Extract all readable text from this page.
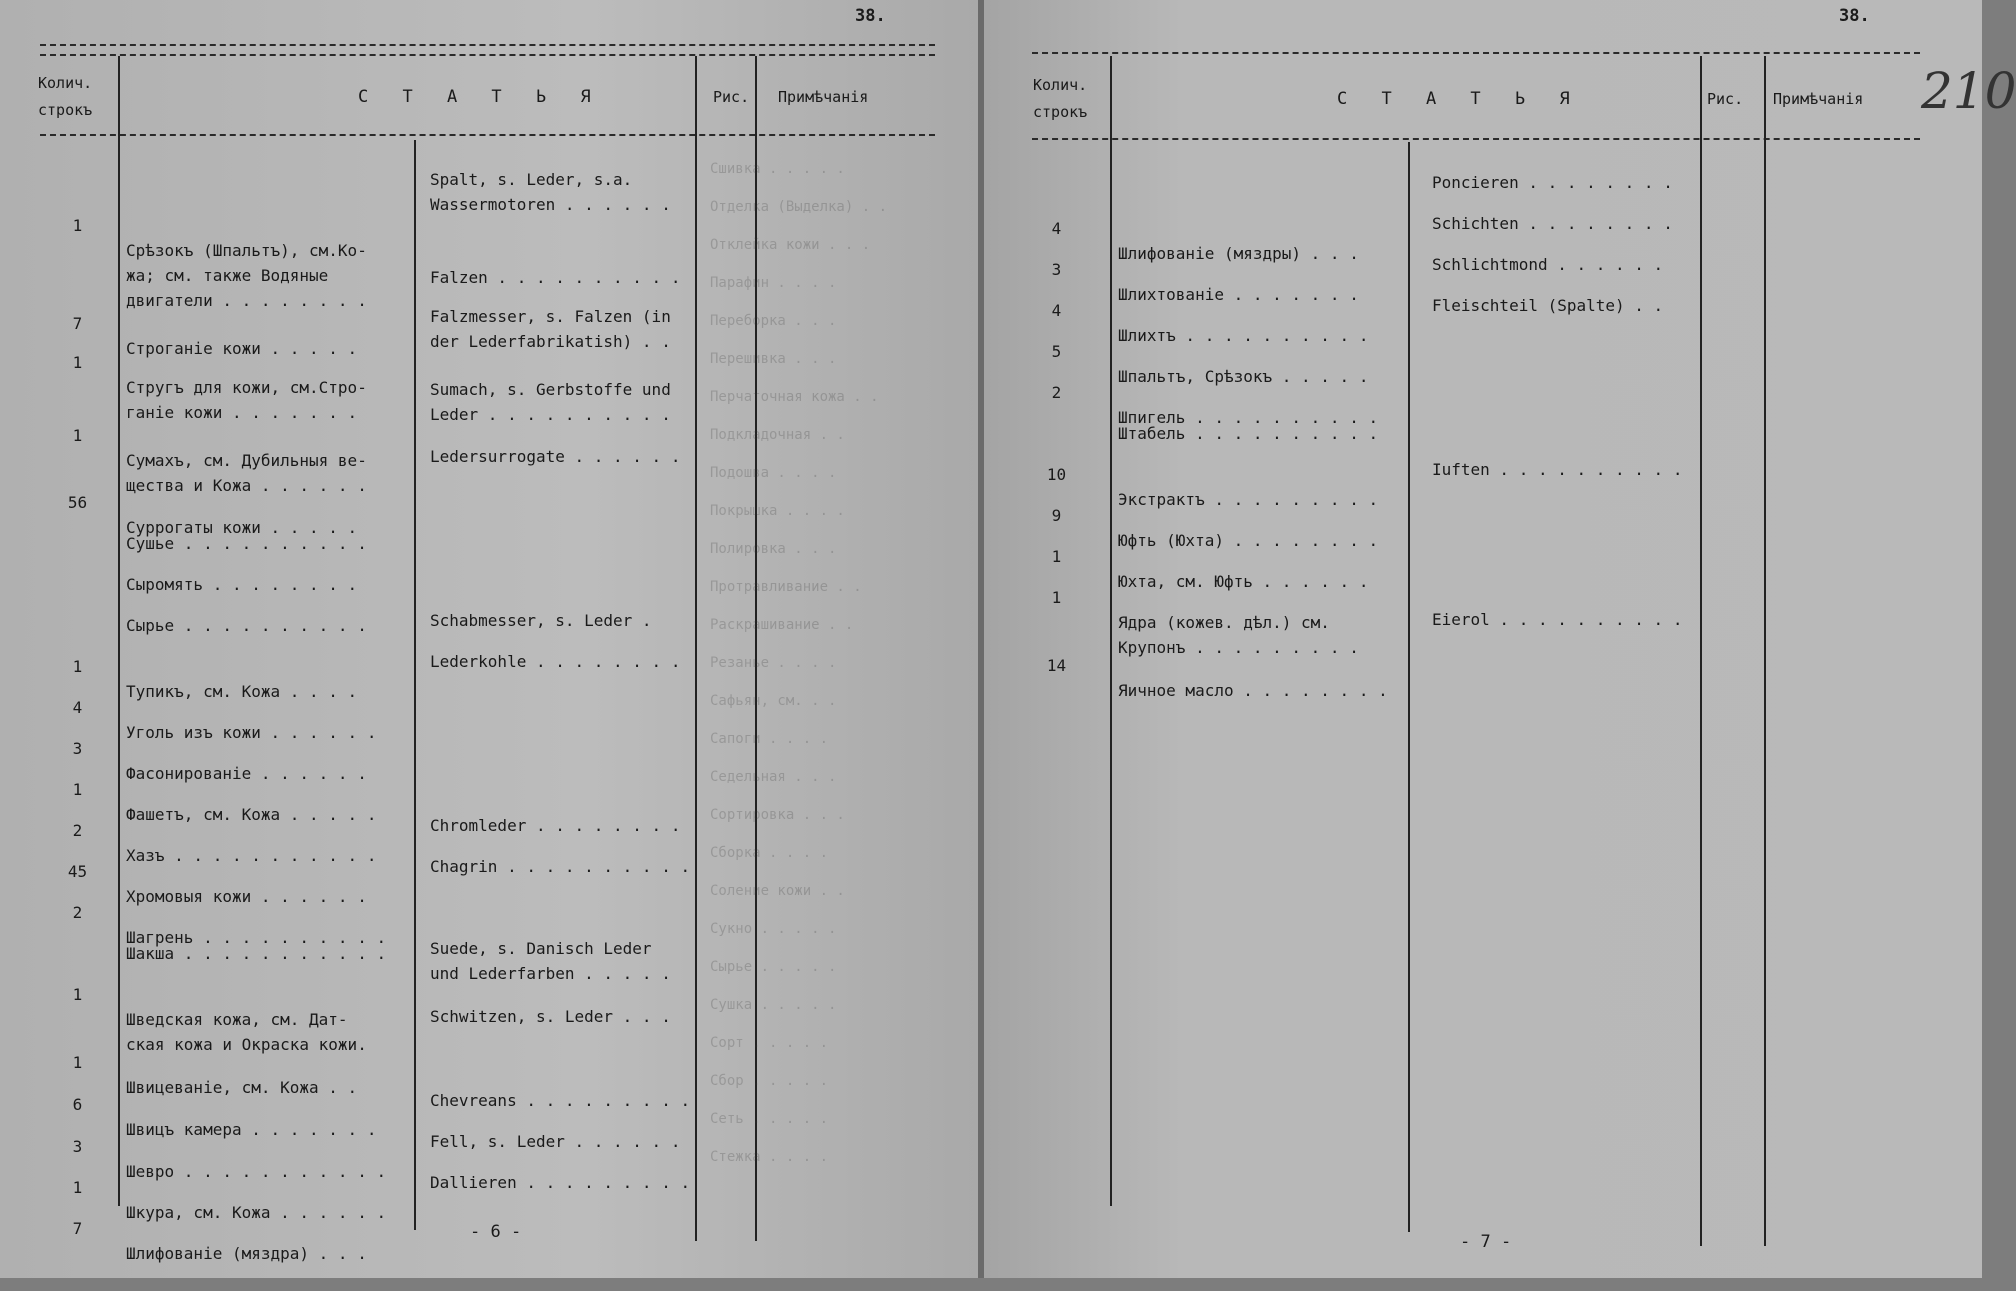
38.
Колич.
строкъ
С Т А Т Ь Я	Рис. Примѣчанія
Сшивка . . . . .
Отделка (Выделка) . .
Отклейка кожи . . .
Парафин . . . .
Переборка . . .
Перешивка . . .
Перчаточная кожа . .
Подкладочная . .
Подошва . . . .
Покрышка . . . .
Полировка . . .
Протравливание . .
Раскрашивание . .
Резанье . . . .
Сафьян, см. . .
Сапоги . . . .
Седельная . . .
Сортировка . . .
Сборка . . . .
Соление кожи . .
Сукно . . . . .
Сырье . . . . .
Сушка . . . . .
Сорт . . . . .
Сбор . . . . .
Сеть . . . . .
Стежка . . . .

1

Срѣзокъ (Шпальтъ), см.Ко-
жа; см. также Водяные
двигатели . . . . . . . .

Spalt, s. Leder, s.a.
Wassermotoren . . . . . .

7

Строганіе кожи . . . . .

Falzen . . . . . . . . . .

1

Стругъ для кожи, см.Стро-
ганіе кожи . . . . . . .

Falzmesser, s. Falzen (in
der Lederfabrikatish) . .

1

Сумахъ, см. Дубильныя ве-
щества и Кожа . . . . . .

Sumach, s. Gerbstoffe und
Leder . . . . . . . . . .

56

Суррогаты кожи . . . . .

Ledersurrogate . . . . . .

Сушье . . . . . . . . . .

Сыромять . . . . . . . .

Сырье . . . . . . . . . .

1

Тупикъ, см. Кожа . . . .

Schabmesser, s. Leder .

4

Уголь изъ кожи . . . . . .

Lederkohle . . . . . . . .

3

Фасонированіе . . . . . .

1

Фашетъ, см. Кожа . . . . .

2

Хазъ . . . . . . . . . . .

45

Хромовыя кожи . . . . . .

Chromleder . . . . . . . .

2

Шагрень . . . . . . . . . .

Chagrin . . . . . . . . . .

Шакша . . . . . . . . . . .

1

Шведская кожа, см. Дат-
ская кожа и Окраска кожи.

Suede, s. Danisch Leder
und Lederfarben . . . . .

1

Швицеваніе, см. Кожа . .

Schwitzen, s. Leder . . .

6

Швицъ камера . . . . . . .

3

Шевро . . . . . . . . . . .

Chevreans . . . . . . . . .

1

Шкура, см. Кожа . . . . . .

Fell, s. Leder . . . . . .

7

Шлифованіе (мяздра) . . .

Dallieren . . . . . . . . .

- 6 -
38.
210
Колич.
строкъ
С Т А Т Ь Я	Рис. Примѣчанія

4

Шлифованіе (мяздры) . . .

Poncieren . . . . . . . .

3

Шлихтованіе . . . . . . .

Schichten . . . . . . . .

4

Шлихтъ . . . . . . . . . .

Schlichtmond . . . . . .

5

Шпальтъ, Срѣзокъ . . . . .

Fleischteil (Spalte) . .

2

Шпигель . . . . . . . . . .

Штабель . . . . . . . . . .

10

Экстрактъ . . . . . . . . .

9

Юфть (Юхта) . . . . . . . .

Iuften . . . . . . . . . .

1

Юхта, см. Юфть . . . . . .

1

Ядра (кожев. дѣл.) см.
Крупонъ . . . . . . . . .

14

Яичное масло . . . . . . . .

Eierol . . . . . . . . . .

- 7 -
